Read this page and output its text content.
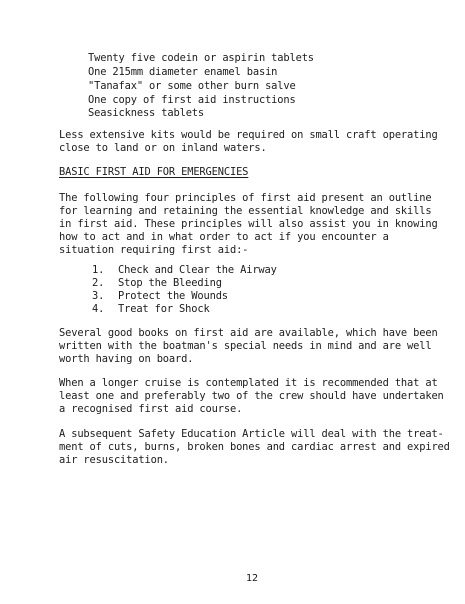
Twenty five codein or aspirin tablets
One 215mm diameter enamel basin
"Tanafax" or some other burn salve
One copy of first aid instructions
Seasickness tablets
Less extensive kits would be required on small craft operating
close to land or on inland waters.
BASIC FIRST AID FOR EMERGENCIES
The following four principles of first aid present an outline
for learning and retaining the essential knowledge and skills
in first aid. These principles will also assist you in knowing
how to act and in what order to act if you encounter a
situation requiring first aid:-
1. Check and Clear the Airway
2. Stop the Bleeding
3. Protect the Wounds
4. Treat for Shock
Several good books on first aid are available, which have been
written with the boatman's special needs in mind and are well
worth having on board.
When a longer cruise is contemplated it is recommended that at
least one and preferably two of the crew should have undertaken
a recognised first aid course.
A subsequent Safety Education Article will deal with the treat-
ment of cuts, burns, broken bones and cardiac arrest and expired
air resuscitation.
12
